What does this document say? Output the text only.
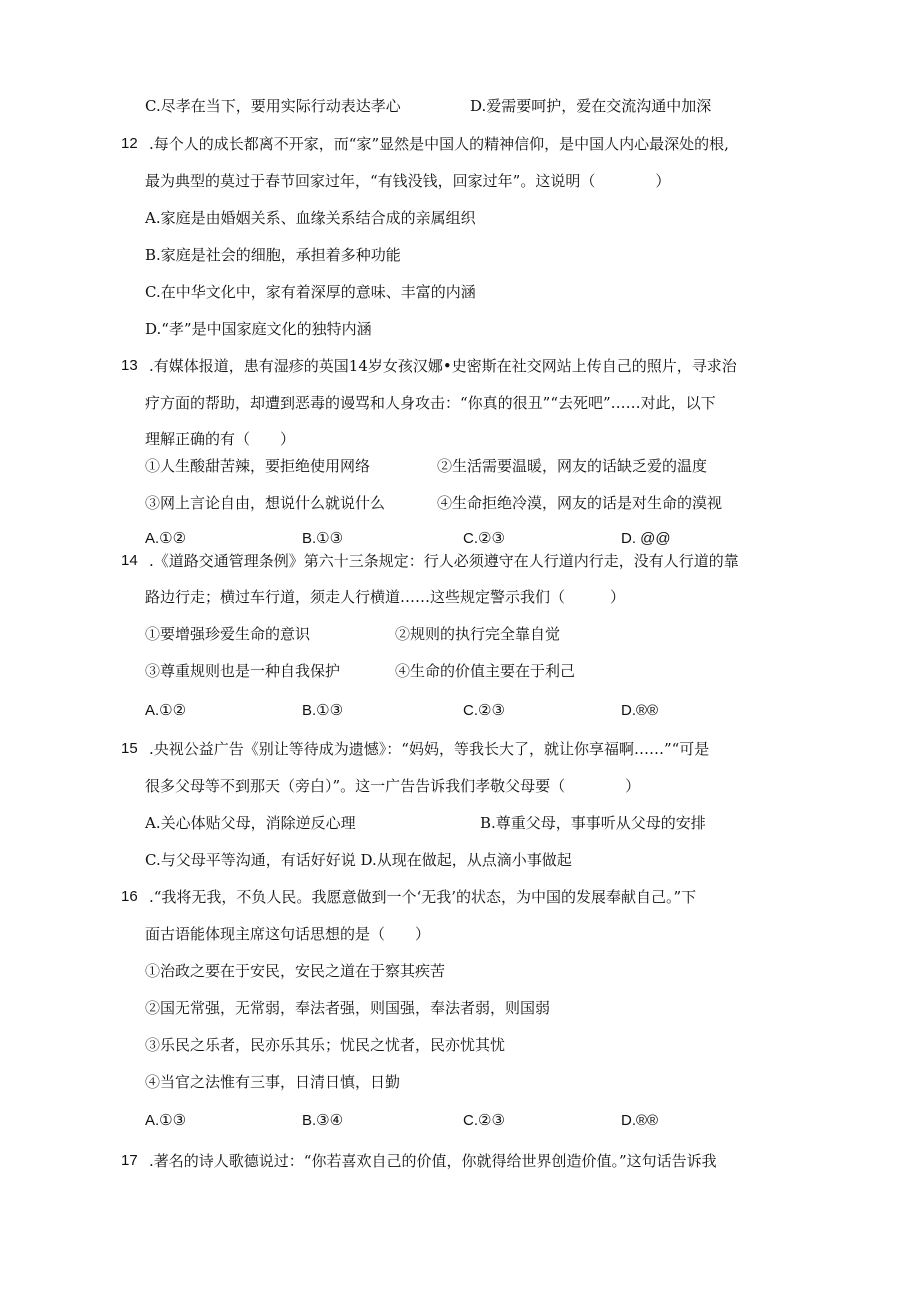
C.尽孝在当下，要用实际行动表达孝心	D.爱需要呵护，爱在交流沟通中加深
12 .每个人的成长都离不开家，而“家”显然是中国人的精神信仰，是中国人内心最深处的根,
最为典型的莫过于春节回家过年，“有钱没钱，回家过年”。这说明（　　　　）
A.家庭是由婚姻关系、血缘关系结合成的亲属组织
B.家庭是社会的细胞，承担着多种功能
C.在中华文化中，家有着深厚的意味、丰富的内涵
D.“孝”是中国家庭文化的独特内涵
13 .有媒体报道，患有湿疹的英国14岁女孩汉娜•史密斯在社交网站上传自己的照片，寻求治
疗方面的帮助，却遭到恶毒的谩骂和人身攻击：“你真的很丑”“去死吧”……对此，以下
理解正确的有（　　）
①人生酸甜苦辣，要拒绝使用网络	②生活需要温暖，网友的话缺乏爱的温度
③网上言论自由，想说什么就说什么	④生命拒绝冷漠，网友的话是对生命的漠视
A.①②	B.①③	C.②③	D. @@
14 .《道路交通管理条例》第六十三条规定：行人必须遵守在人行道内行走，没有人行道的靠
路边行走；横过车行道，须走人行横道……这些规定警示我们（　　　）
①要增强珍爱生命的意识	②规则的执行完全靠自觉
③尊重规则也是一种自我保护	④生命的价值主要在于利己
A.①②	B.①③	C.②③	D.®®
15 .央视公益广告《别让等待成为遗憾》：“妈妈，等我长大了，就让你享福啊……”“可是
很多父母等不到那天（旁白）”。这一广告告诉我们孝敬父母要（　　　　）
A.关心体贴父母，消除逆反心理	B.尊重父母，事事听从父母的安排
C.与父母平等沟通，有话好好说 D.从现在做起，从点滴小事做起
16 .“我将无我，不负人民。我愿意做到一个‘无我’的状态，为中国的发展奉献自己。”下
面古语能体现主席这句话思想的是（　　）
①治政之要在于安民，安民之道在于察其疾苦
②国无常强，无常弱，奉法者强，则国强，奉法者弱，则国弱
③乐民之乐者，民亦乐其乐；忧民之忧者，民亦忧其忧
④当官之法惟有三事，日清日慎，日勤
A.①③	B.③④	C.②③	D.®®
17 .著名的诗人歌德说过：“你若喜欢自己的价值，你就得给世界创造价值。”这句话告诉我
